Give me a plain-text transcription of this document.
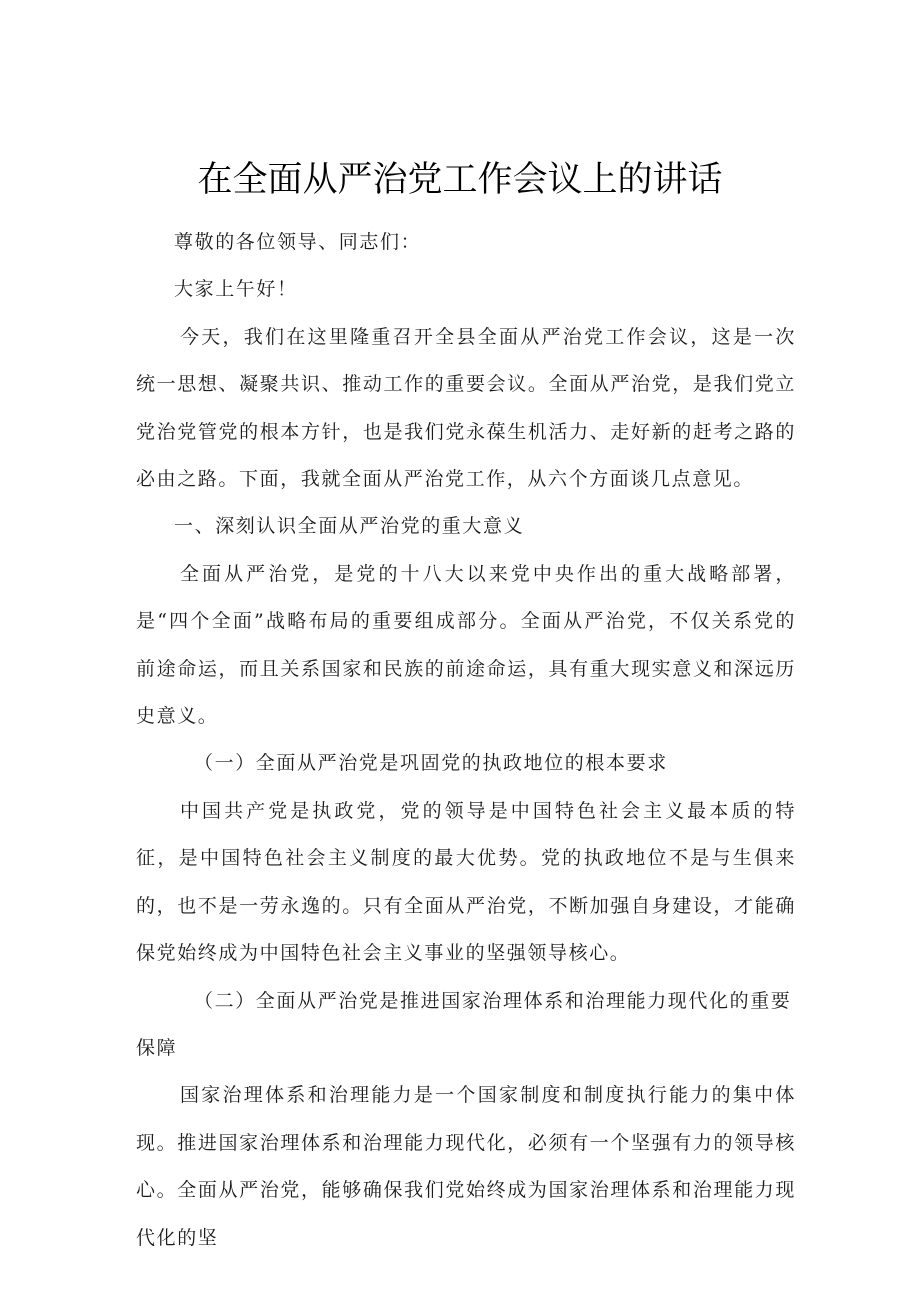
在全面从严治党工作会议上的讲话

尊敬的各位领导、同志们：

大家上午好！

今天，我们在这里隆重召开全县全面从严治党工作会议，这是一次统一思想、凝聚共识、推动工作的重要会议。全面从严治党，是我们党立党治党管党的根本方针，也是我们党永葆生机活力、走好新的赶考之路的必由之路。下面，我就全面从严治党工作，从六个方面谈几点意见。

一、深刻认识全面从严治党的重大意义

全面从严治党，是党的十八大以来党中央作出的重大战略部署，是“四个全面”战略布局的重要组成部分。全面从严治党，不仅关系党的前途命运，而且关系国家和民族的前途命运，具有重大现实意义和深远历史意义。

（一）全面从严治党是巩固党的执政地位的根本要求

中国共产党是执政党，党的领导是中国特色社会主义最本质的特征，是中国特色社会主义制度的最大优势。党的执政地位不是与生俱来的，也不是一劳永逸的。只有全面从严治党，不断加强自身建设，才能确保党始终成为中国特色社会主义事业的坚强领导核心。

（二）全面从严治党是推进国家治理体系和治理能力现代化的重要保障

国家治理体系和治理能力是一个国家制度和制度执行能力的集中体现。推进国家治理体系和治理能力现代化，必须有一个坚强有力的领导核心。全面从严治党，能够确保我们党始终成为国家治理体系和治理能力现代化的坚
